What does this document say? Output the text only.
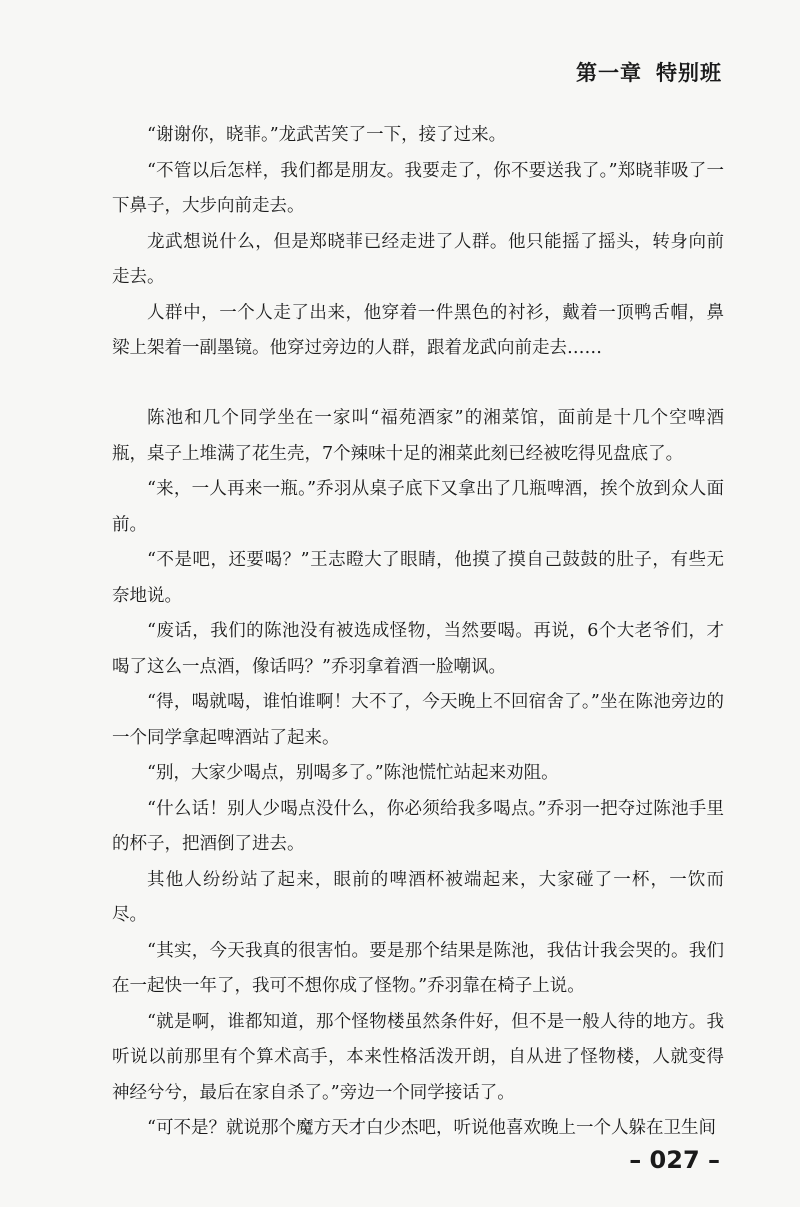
第一章 特别班

“谢谢你，晓菲。”龙武苦笑了一下，接了过来。

“不管以后怎样，我们都是朋友。我要走了，你不要送我了。”郑晓菲吸了一下鼻子，大步向前走去。

龙武想说什么，但是郑晓菲已经走进了人群。他只能摇了摇头，转身向前走去。

人群中，一个人走了出来，他穿着一件黑色的衬衫，戴着一顶鸭舌帽，鼻梁上架着一副墨镜。他穿过旁边的人群，跟着龙武向前走去……

陈池和几个同学坐在一家叫“福苑酒家”的湘菜馆，面前是十几个空啤酒瓶，桌子上堆满了花生壳，7个辣味十足的湘菜此刻已经被吃得见盘底了。

“来，一人再来一瓶。”乔羽从桌子底下又拿出了几瓶啤酒，挨个放到众人面前。

“不是吧，还要喝？”王志瞪大了眼睛，他摸了摸自己鼓鼓的肚子，有些无奈地说。

“废话，我们的陈池没有被选成怪物，当然要喝。再说，6个大老爷们，才喝了这么一点酒，像话吗？”乔羽拿着酒一脸嘲讽。

“得，喝就喝，谁怕谁啊！大不了，今天晚上不回宿舍了。”坐在陈池旁边的一个同学拿起啤酒站了起来。

“别，大家少喝点，别喝多了。”陈池慌忙站起来劝阻。

“什么话！别人少喝点没什么，你必须给我多喝点。”乔羽一把夺过陈池手里的杯子，把酒倒了进去。

其他人纷纷站了起来，眼前的啤酒杯被端起来，大家碰了一杯，一饮而尽。

“其实，今天我真的很害怕。要是那个结果是陈池，我估计我会哭的。我们在一起快一年了，我可不想你成了怪物。”乔羽靠在椅子上说。

“就是啊，谁都知道，那个怪物楼虽然条件好，但不是一般人待的地方。我听说以前那里有个算术高手，本来性格活泼开朗，自从进了怪物楼，人就变得神经兮兮，最后在家自杀了。”旁边一个同学接话了。

“可不是？就说那个魔方天才白少杰吧，听说他喜欢晚上一个人躲在卫生间

– 027 –
